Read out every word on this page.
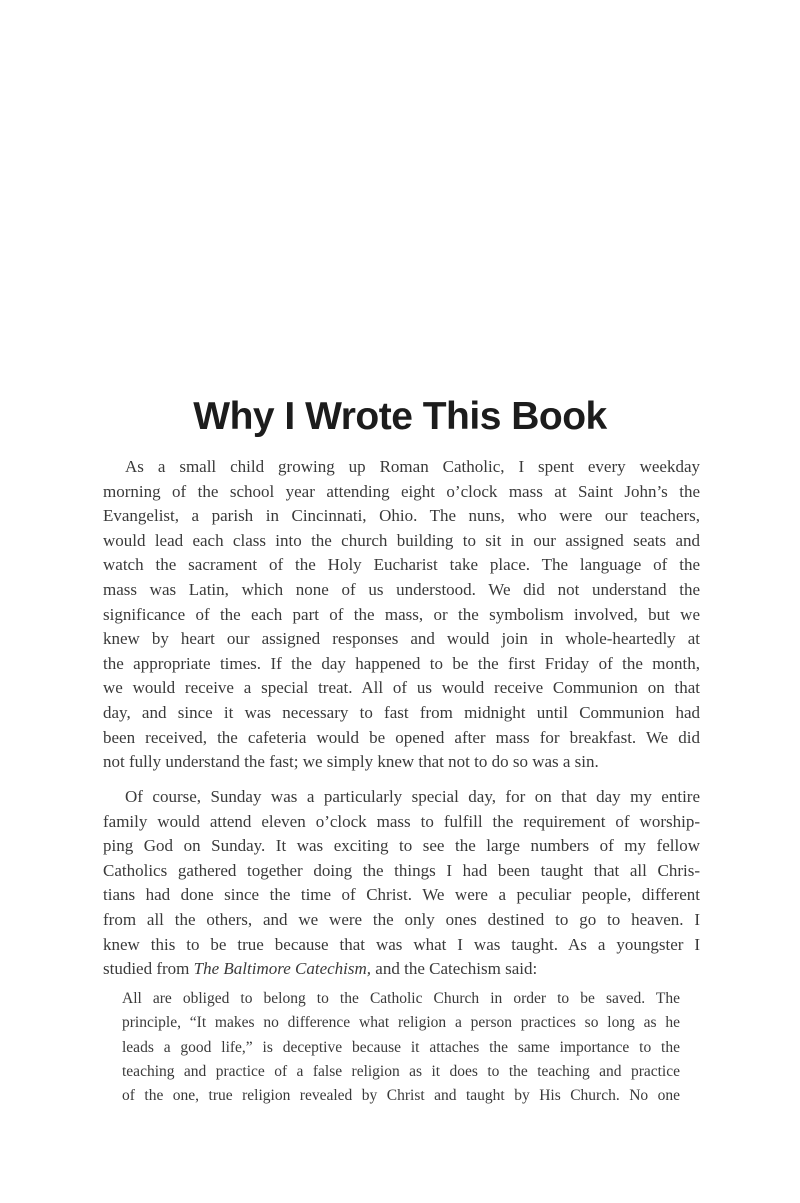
Why I Wrote This Book
As a small child growing up Roman Catholic, I spent every weekday
morning of the school year attending eight o’clock mass at Saint John’s the
Evangelist, a parish in Cincinnati, Ohio. The nuns, who were our teachers,
would lead each class into the church building to sit in our assigned seats and
watch the sacrament of the Holy Eucharist take place. The language of the
mass was Latin, which none of us understood. We did not understand the
significance of the each part of the mass, or the symbolism involved, but we
knew by heart our assigned responses and would join in whole-heartedly at
the appropriate times. If the day happened to be the first Friday of the month,
we would receive a special treat. All of us would receive Communion on that
day, and since it was necessary to fast from midnight until Communion had
been received, the cafeteria would be opened after mass for breakfast. We did
not fully understand the fast; we simply knew that not to do so was a sin.
Of course, Sunday was a particularly special day, for on that day my entire
family would attend eleven o’clock mass to fulfill the requirement of worship-
ping God on Sunday. It was exciting to see the large numbers of my fellow
Catholics gathered together doing the things I had been taught that all Chris-
tians had done since the time of Christ. We were a peculiar people, different
from all the others, and we were the only ones destined to go to heaven. I
knew this to be true because that was what I was taught. As a youngster I
studied from The Baltimore Catechism, and the Catechism said:
All are obliged to belong to the Catholic Church in order to be saved. The
principle, “It makes no difference what religion a person practices so long as he
leads a good life,” is deceptive because it attaches the same importance to the
teaching and practice of a false religion as it does to the teaching and practice
of the one, true religion revealed by Christ and taught by His Church. No one
